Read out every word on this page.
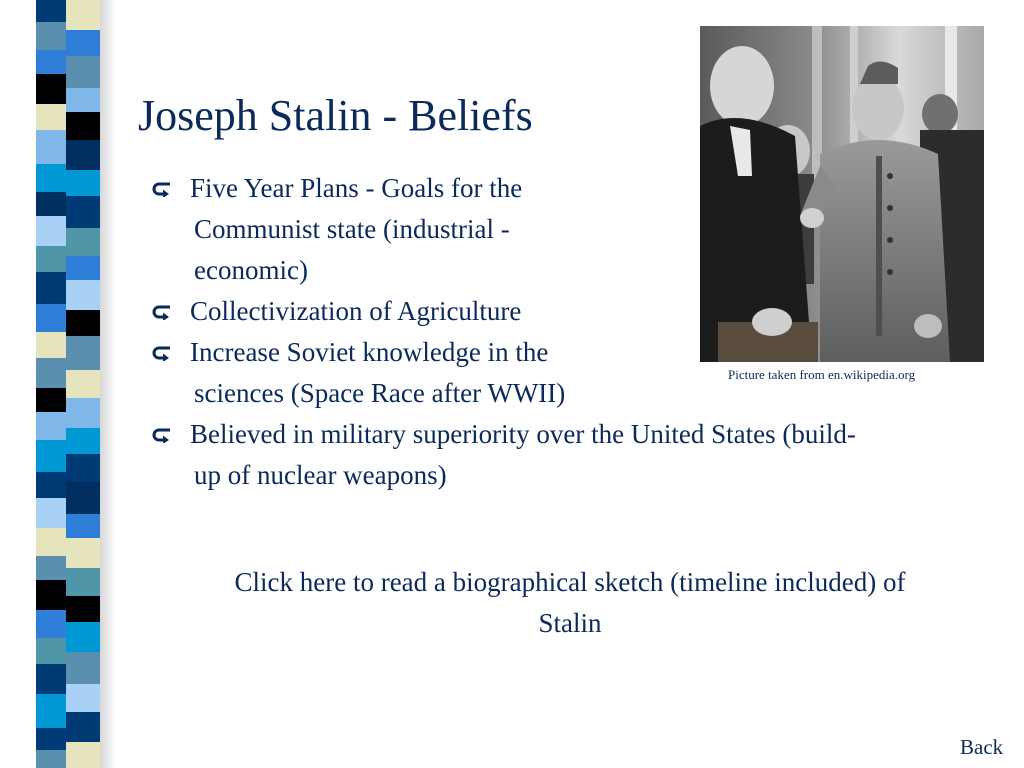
Joseph Stalin - Beliefs
Five Year Plans - Goals for the
Communist state (industrial -
economic)
Collectivization of Agriculture
Increase Soviet knowledge in the
sciences (Space Race after WWII)
Believed in military superiority over the United States (build-
up of nuclear weapons)
Picture taken from en.wikipedia.org
Click here to read a biographical sketch (timeline included) of
Stalin
Back
